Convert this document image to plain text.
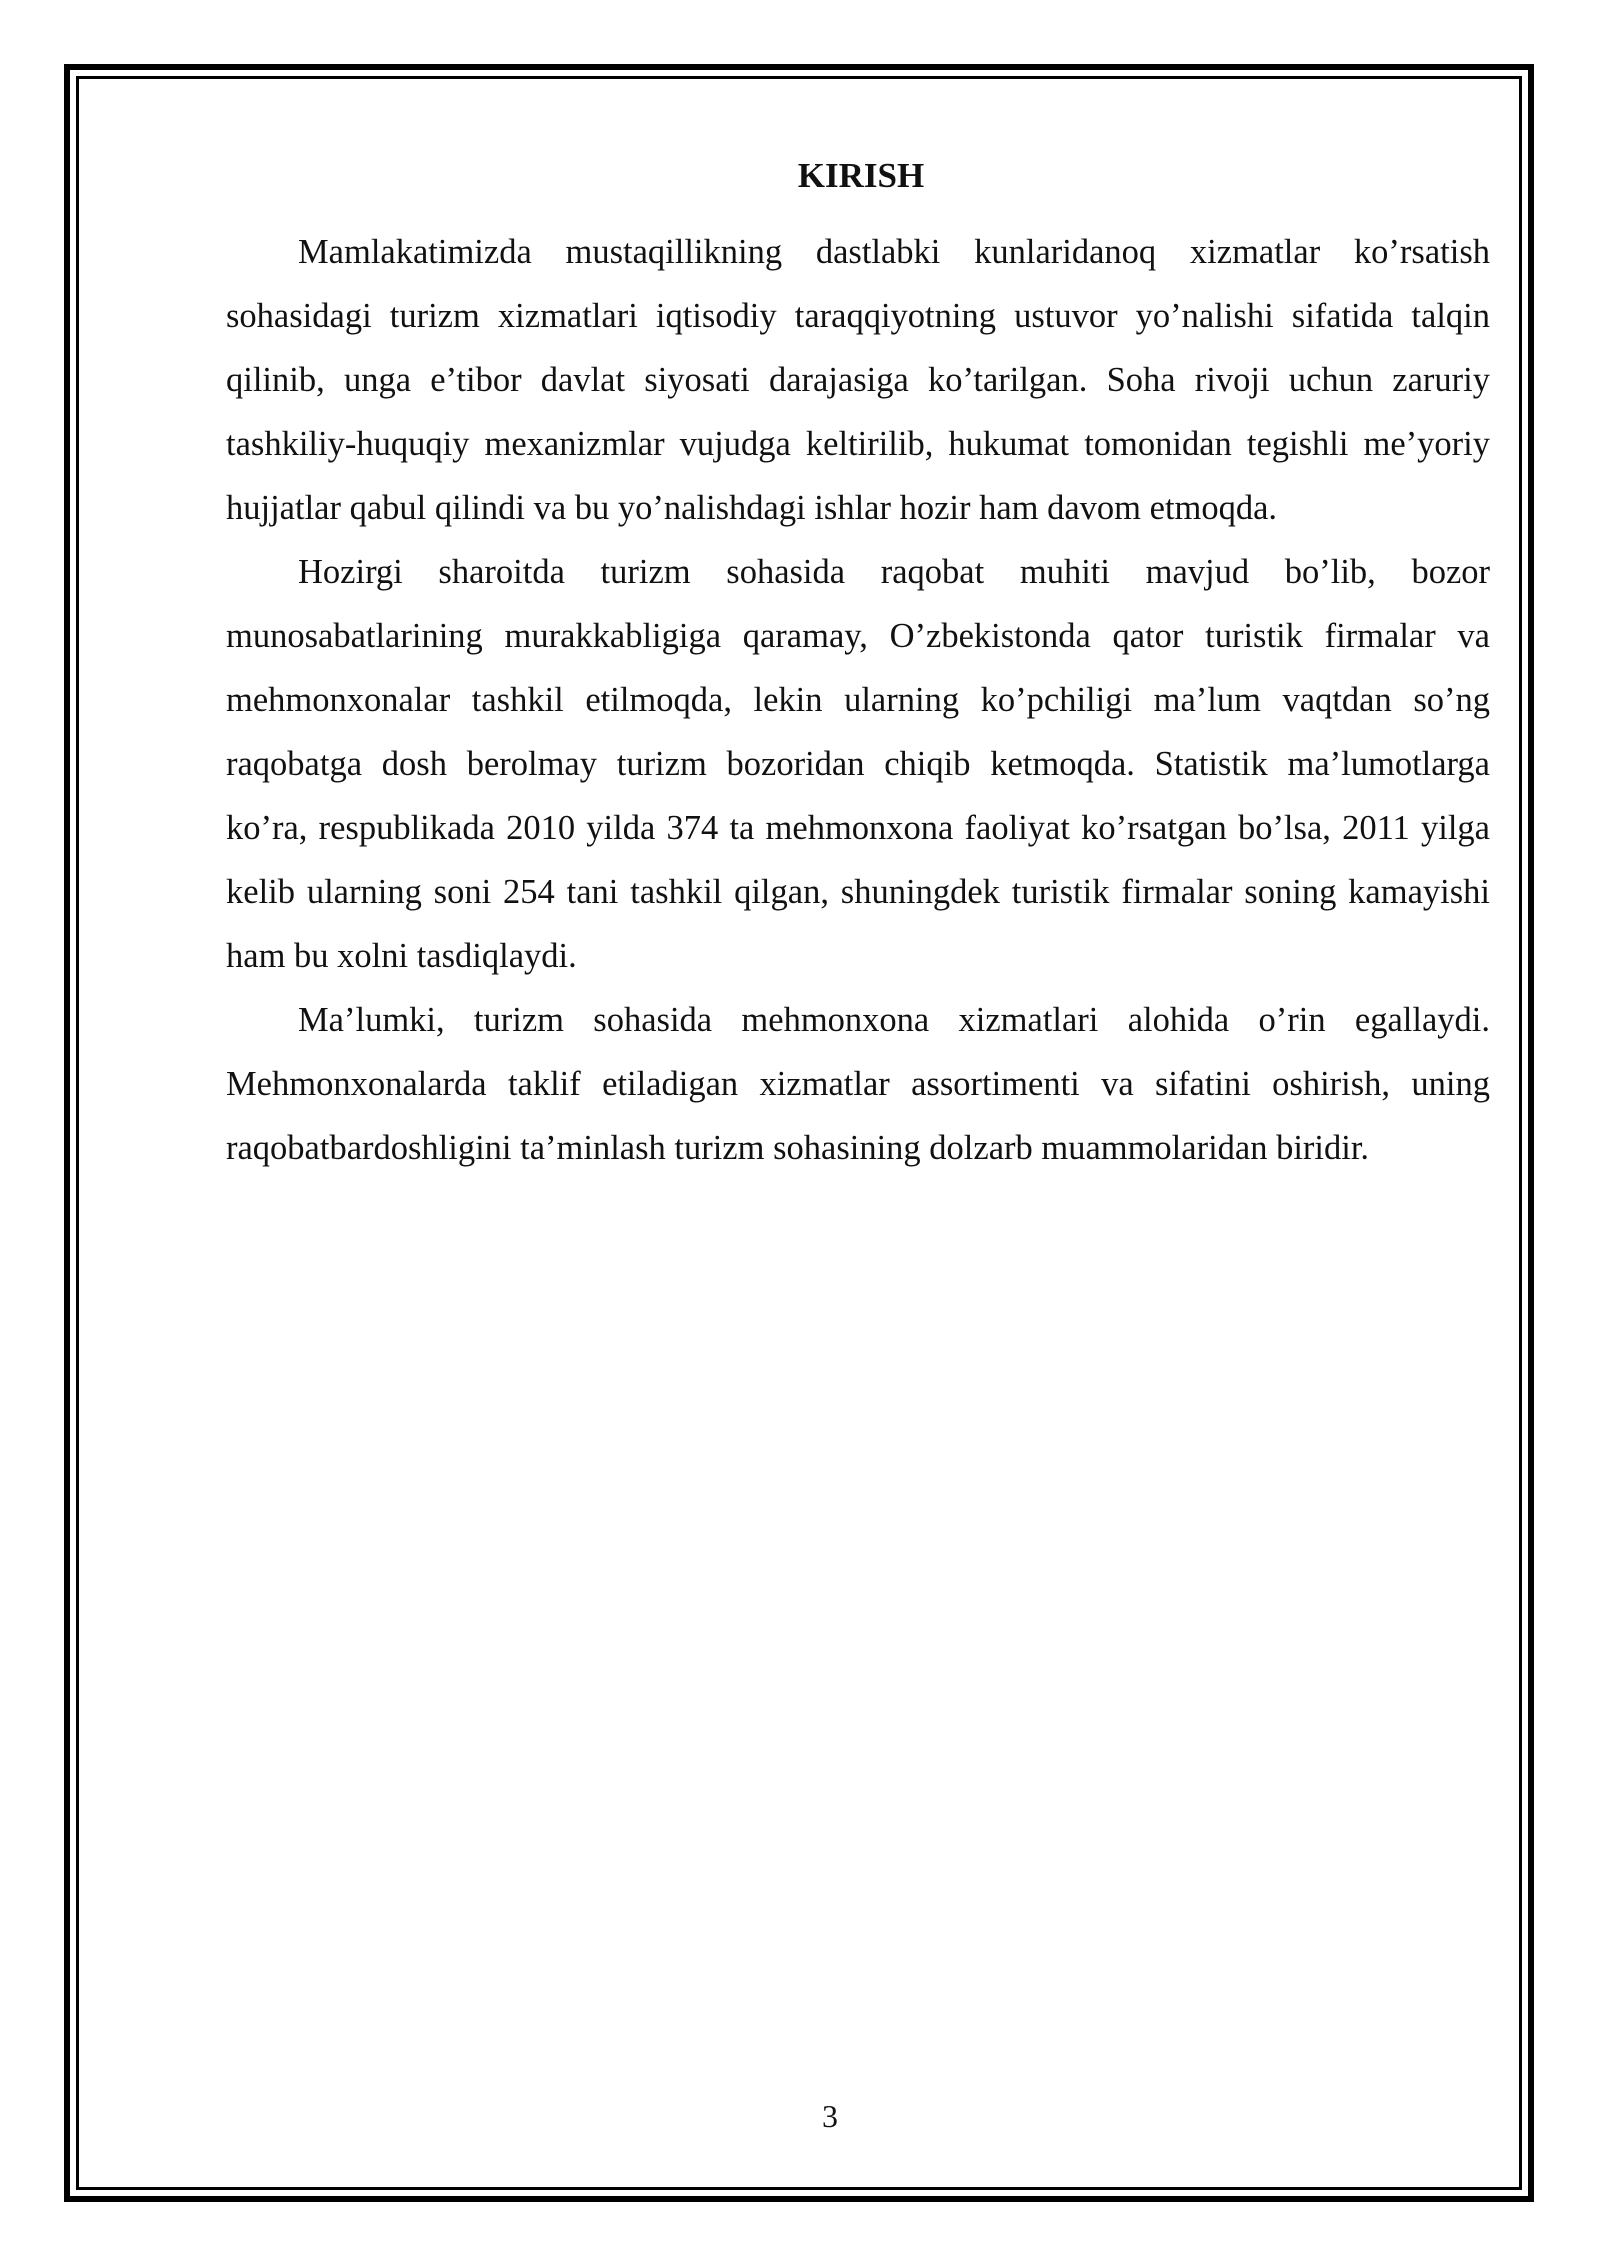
KIRISH

Mamlakatimizda mustaqillikning dastlabki kunlaridanoq xizmatlar ko’rsatish sohasidagi turizm xizmatlari iqtisodiy taraqqiyotning ustuvor yo’nalishi sifatida talqin qilinib, unga e’tibor davlat siyosati darajasiga ko’tarilgan. Soha rivoji uchun zaruriy tashkiliy-huquqiy mexanizmlar vujudga keltirilib, hukumat tomonidan tegishli me’yoriy hujjatlar qabul qilindi va bu yo’nalishdagi ishlar hozir ham davom etmoqda.

Hozirgi sharoitda turizm sohasida raqobat muhiti mavjud bo’lib, bozor munosabatlarining murakkabligiga qaramay, O’zbekistonda qator turistik firmalar va mehmonxonalar tashkil etilmoqda, lekin ularning ko’pchiligi ma’lum vaqtdan so’ng raqobatga dosh berolmay turizm bozoridan chiqib ketmoqda. Statistik ma’lumotlarga ko’ra, respublikada 2010 yilda 374 ta mehmonxona faoliyat ko’rsatgan bo’lsa, 2011 yilga kelib ularning soni 254 tani tashkil qilgan, shuningdek turistik firmalar soning kamayishi ham bu xolni tasdiqlaydi.

Ma’lumki, turizm sohasida mehmonxona xizmatlari alohida o’rin egallaydi. Mehmonxonalarda taklif etiladigan xizmatlar assortimenti va sifatini oshirish, uning raqobatbardoshligini ta’minlash turizm sohasining dolzarb muammolaridan biridir.

3
